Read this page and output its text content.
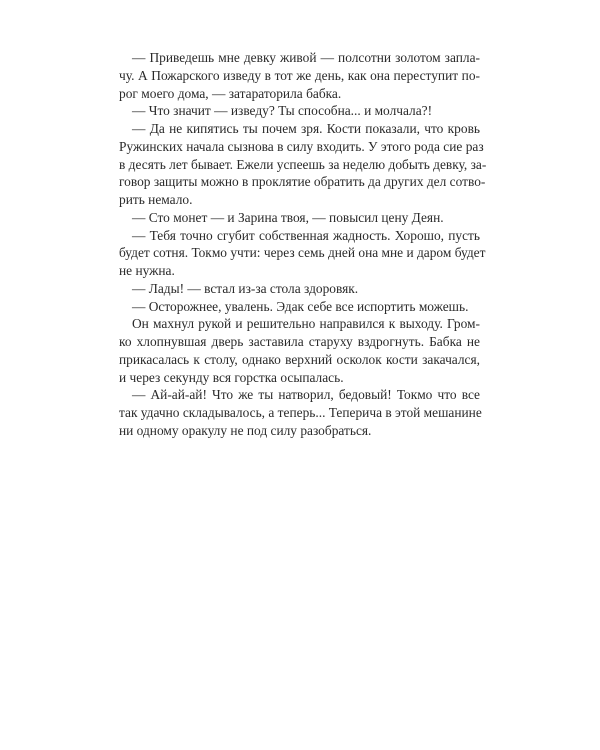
— Приведешь мне девку живой — полсотни золотом запла-
чу. А Пожарского изведу в тот же день, как она переступит по-
рог моего дома, — затараторила бабка.
— Что значит — изведу? Ты способна... и молчала?!
— Да не кипятись ты почем зря. Кости показали, что кровь
Ружинских начала сызнова в силу входить. У этого рода сие раз
в десять лет бывает. Ежели успеешь за неделю добыть девку, за-
говор защиты можно в проклятие обратить да других дел сотво-
рить немало.
— Сто монет — и Зарина твоя, — повысил цену Деян.
— Тебя точно сгубит собственная жадность. Хорошо, пусть
будет сотня. Токмо учти: через семь дней она мне и даром будет
не нужна.
— Лады! — встал из-за стола здоровяк.
— Осторожнее, увалень. Эдак себе все испортить можешь.
Он махнул рукой и решительно направился к выходу. Гром-
ко хлопнувшая дверь заставила старуху вздрогнуть. Бабка не
прикасалась к столу, однако верхний осколок кости закачался,
и через секунду вся горстка осыпалась.
— Ай-ай-ай! Что же ты натворил, бедовый! Токмо что все
так удачно складывалось, а теперь... Теперича в этой мешанине
ни одному оракулу не под силу разобраться.
